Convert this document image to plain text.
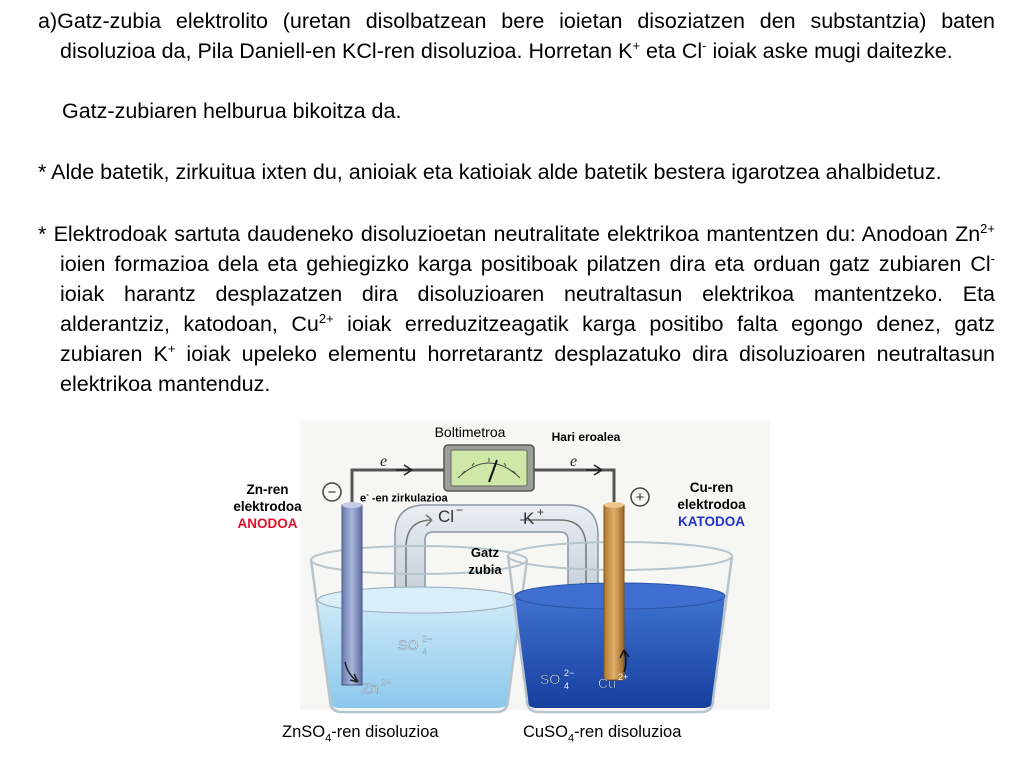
a)Gatz-zubia elektrolito (uretan disolbatzean bere ioietan disoziatzen den substantzia) baten disoluzioa da, Pila Daniell-en KCl-ren disoluzioa. Horretan K+ eta Cl- ioiak aske mugi daitezke.

Gatz-zubiaren helburua bikoitza da.

* Alde batetik, zirkuitua ixten du, anioiak eta katioiak alde batetik bestera igarotzea ahalbidetuz.

* Elektrodoak sartuta daudeneko disoluzioetan neutralitate elektrikoa mantentzen du: Anodoan $Zn^{2+}$ ioien formazioa dela eta gehiegizko karga positiboak pilatzen dira eta orduan gatz zubiaren Cl- ioiak harantz desplazatzen dira disoluzioaren neutraltasun elektrikoa mantentzeko. Eta alderantziz, katodoan, $Cu^{2+}$ ioiak erreduzitzeagatik karga positibo falta egongo denez, gatz zubiaren K+ ioiak upeleko elementu horretarantz desplazatuko dira disoluzioaren neutraltasun elektrikoa mantenduz.

e	e
Cl −	K +
−	+
SO 4
2−
Zn 2+	SO 4
2−
Cu 2+
Boltimetroa	Hari eroalea
e- -en zirkulazioa
Zn-ren
elektrodoa
ANODOA
Cu-ren
elektrodoa
KATODOA
Gatz
zubia
ZnSO$_4$-ren disoluzioa	CuSO$_4$-ren disoluzioa
